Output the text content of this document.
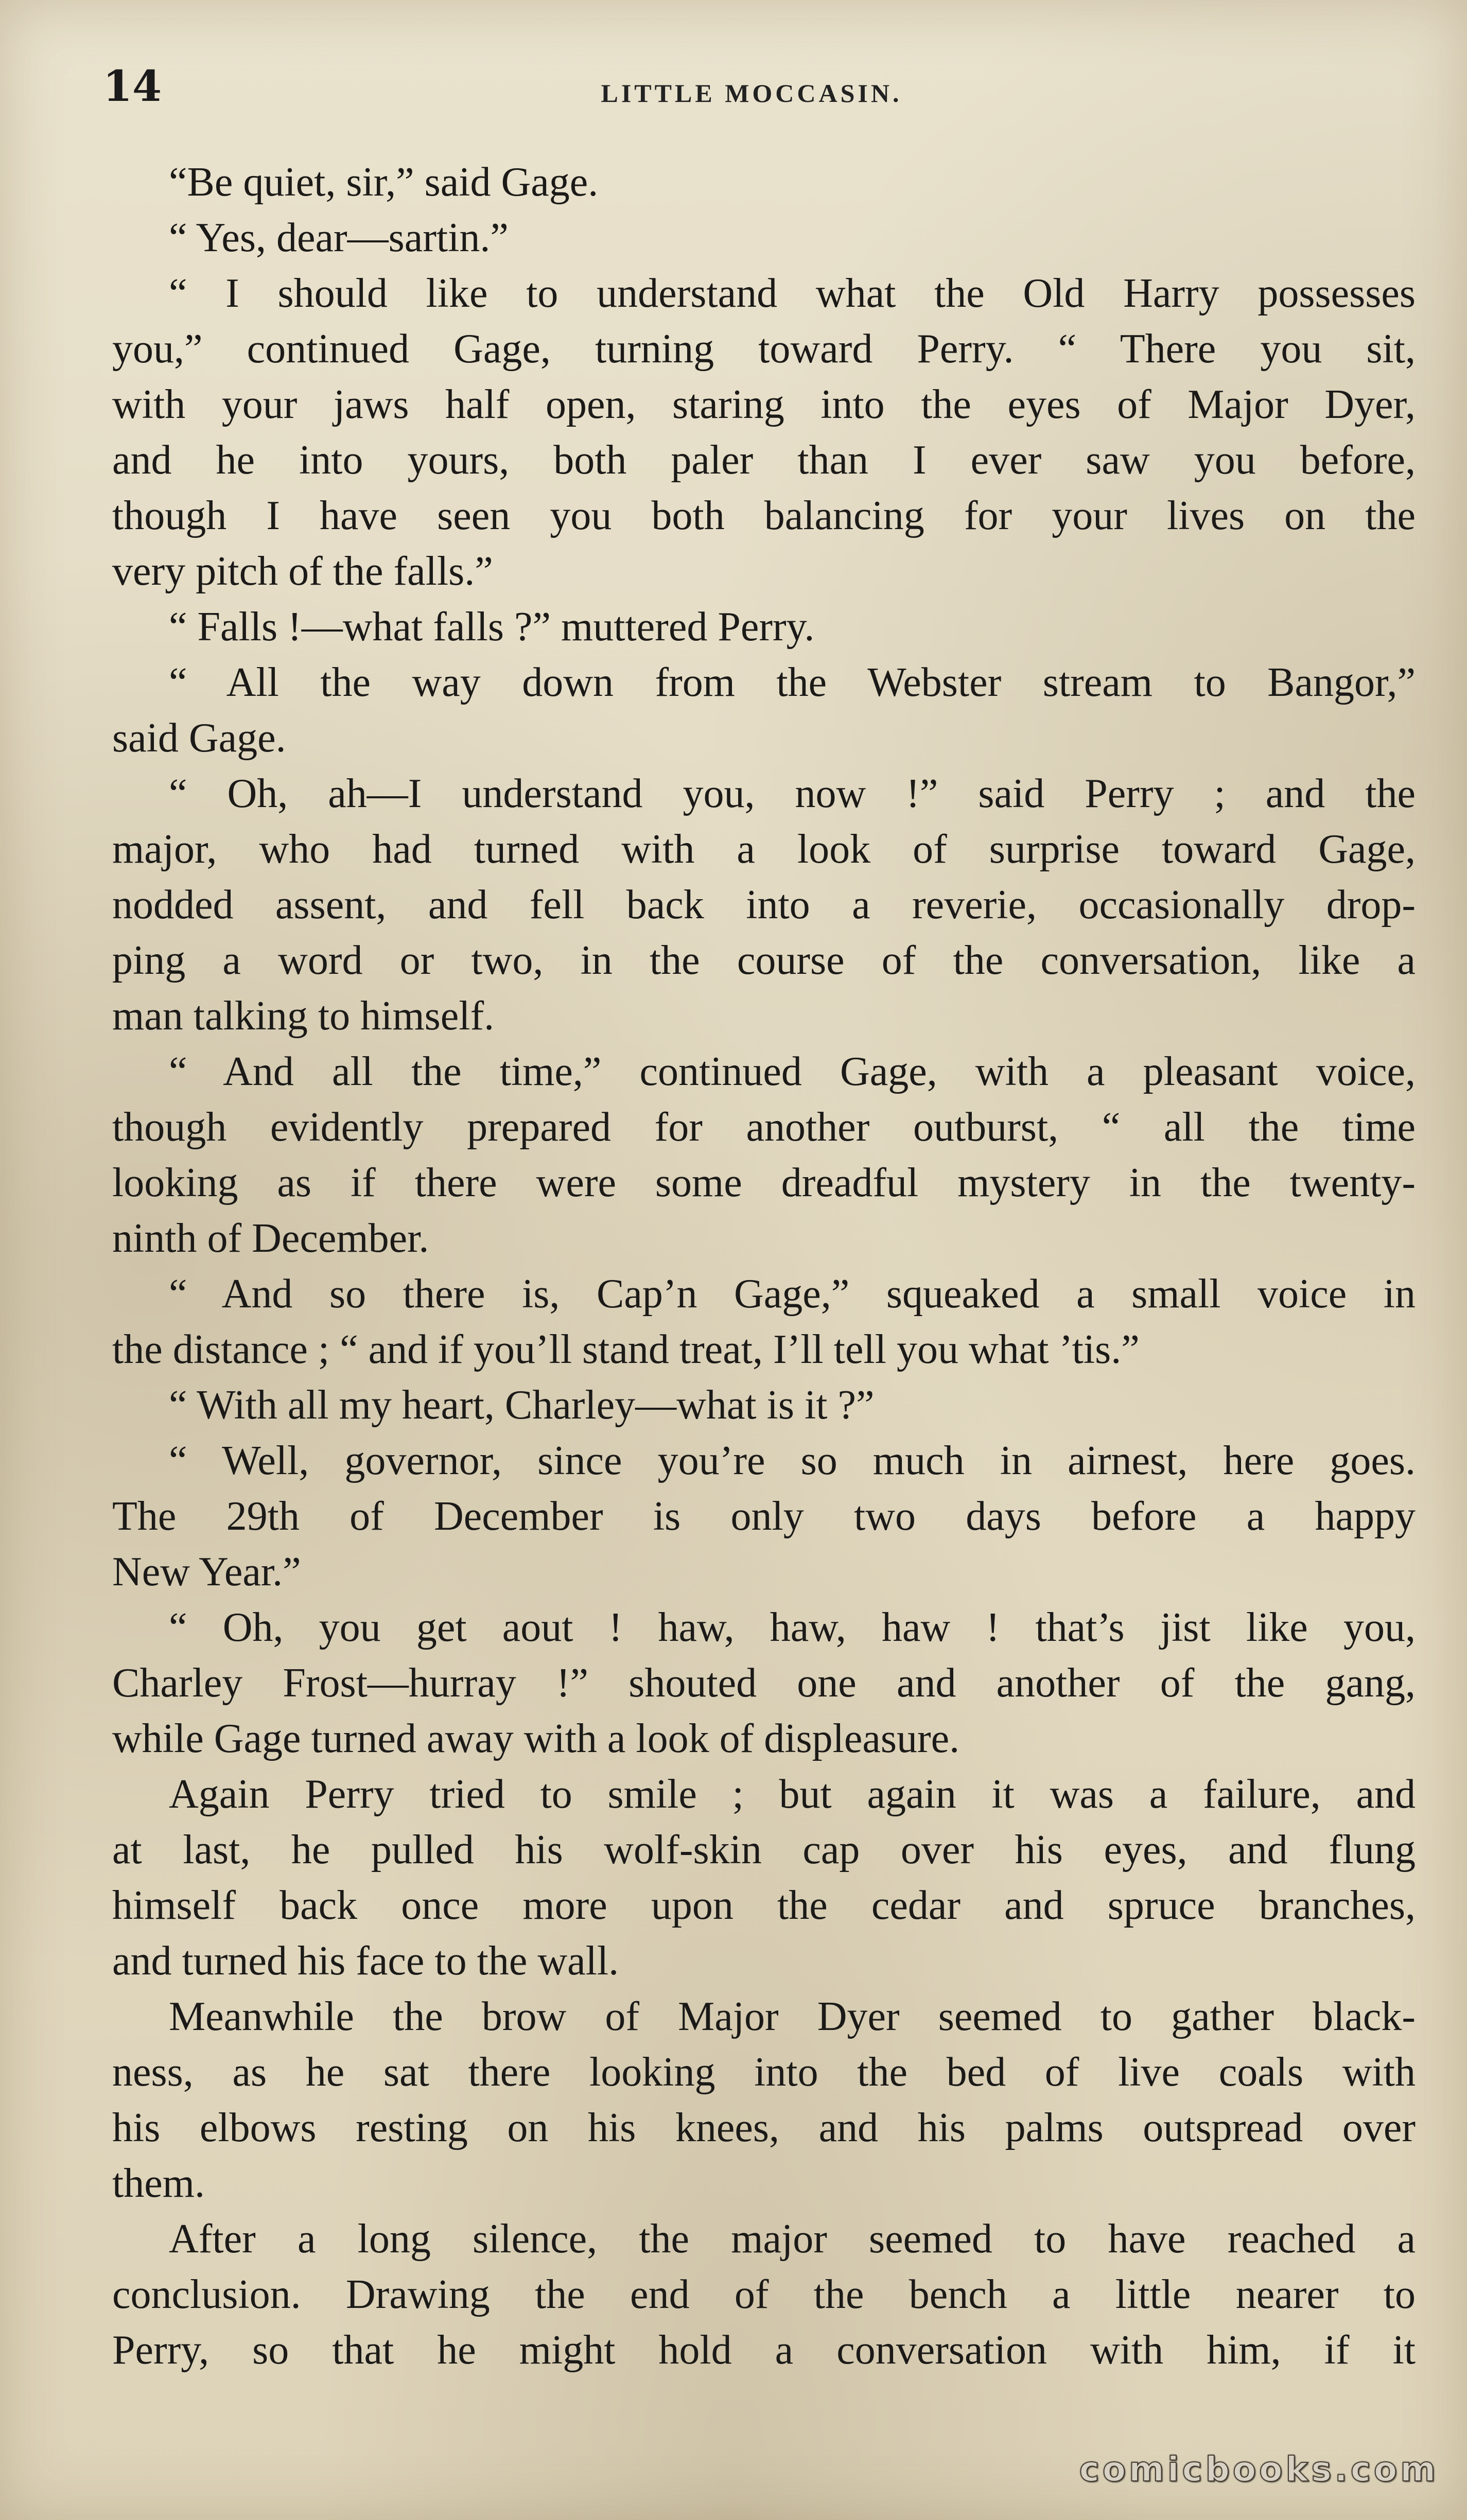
14	LITTLE MOCCASIN.
“Be quiet, sir,” said Gage.
“ Yes, dear—sartin.”
“ I should like to understand what the Old Harry possesses
you,” continued Gage, turning toward Perry. “ There you sit,
with your jaws half open, staring into the eyes of Major Dyer,
and he into yours, both paler than I ever saw you before,
though I have seen you both balancing for your lives on the
very pitch of the falls.”
“ Falls !—what falls ?” muttered Perry.
“ All the way down from the Webster stream to Bangor,”
said Gage.
“ Oh, ah—I understand you, now !” said Perry ; and the
major, who had turned with a look of surprise toward Gage,
nodded assent, and fell back into a reverie, occasionally drop-
ping a word or two, in the course of the conversation, like a
man talking to himself.
“ And all the time,” continued Gage, with a pleasant voice,
though evidently prepared for another outburst, “ all the time
looking as if there were some dreadful mystery in the twenty-
ninth of December.
“ And so there is, Cap’n Gage,” squeaked a small voice in
the distance ; “ and if you’ll stand treat, I’ll tell you what ’tis.”
“ With all my heart, Charley—what is it ?”
“ Well, governor, since you’re so much in airnest, here goes.
The 29th of December is only two days before a happy
New Year.”
“ Oh, you get aout ! haw, haw, haw ! that’s jist like you,
Charley Frost—hurray !” shouted one and another of the gang,
while Gage turned away with a look of displeasure.
Again Perry tried to smile ; but again it was a failure, and
at last, he pulled his wolf-skin cap over his eyes, and flung
himself back once more upon the cedar and spruce branches,
and turned his face to the wall.
Meanwhile the brow of Major Dyer seemed to gather black-
ness, as he sat there looking into the bed of live coals with
his elbows resting on his knees, and his palms outspread over
them.
After a long silence, the major seemed to have reached a
conclusion. Drawing the end of the bench a little nearer to
Perry, so that he might hold a conversation with him, if it
comicbooks.com
